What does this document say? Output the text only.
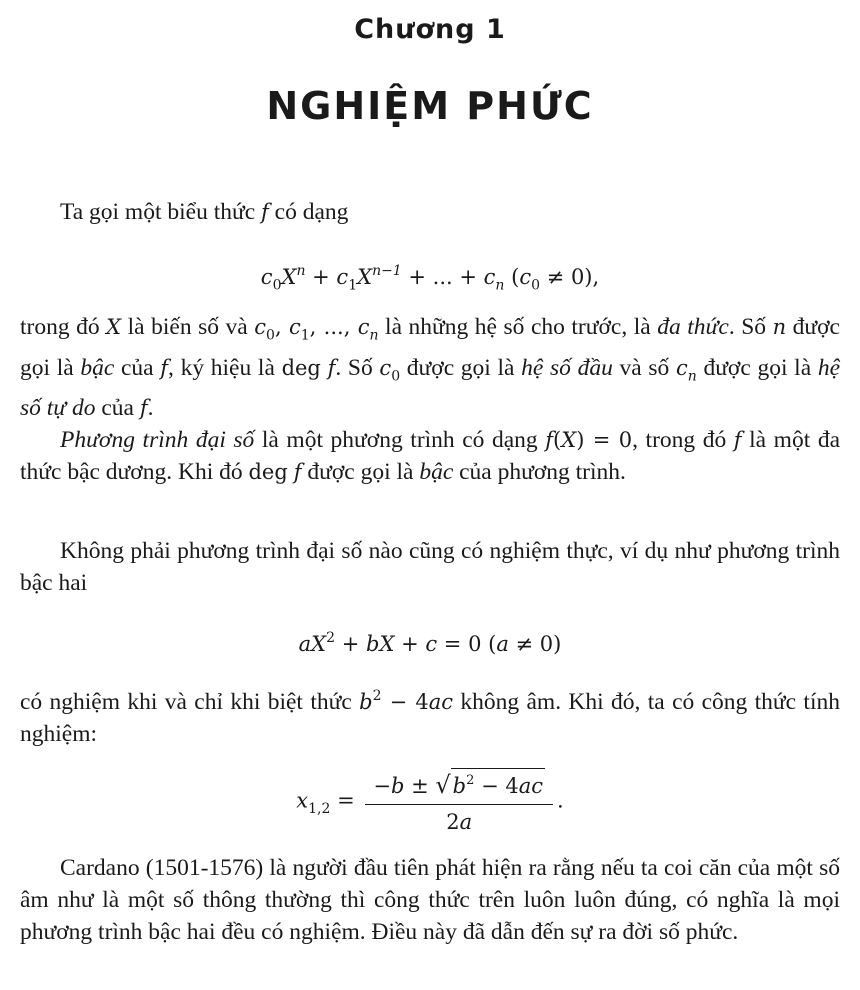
Chương 1
NGHIỆM PHỨC

Ta gọi một biểu thức f có dạng

$c_0X^n + c_1X^{n-1}$ + ... + $c_n$ $(c_0 \ne 0)$,

trong đó X là biến số và $c_0$, $c_1$, ..., $c_n$ là những hệ số cho trước, là đa thức. Số n được gọi là bậc của f, ký hiệu là deg f. Số $c_0$ được gọi là hệ số đầu và số $c_n$ được gọi là hệ số tự do của f.

Phương trình đại số là một phương trình có dạng f(X) = 0, trong đó f là một đa thức bậc dương. Khi đó deg f được gọi là bậc của phương trình.

Không phải phương trình đại số nào cũng có nghiệm thực, ví dụ như phương trình bậc hai

$aX^2$ + bX + c = 0 (a ≠ 0)

có nghiệm khi và chỉ khi biệt thức $b^2 - 4ac$ không âm. Khi đó, ta có công thức tính nghiệm:

$x_{1,2} = \frac{-b \pm √b^2 - 4ac}{2a}$ .

Cardano (1501-1576) là người đầu tiên phát hiện ra rằng nếu ta coi căn của một số âm như là một số thông thường thì công thức trên luôn luôn đúng, có nghĩa là mọi phương trình bậc hai đều có nghiệm. Điều này đã dẫn đến sự ra đời số phức.
